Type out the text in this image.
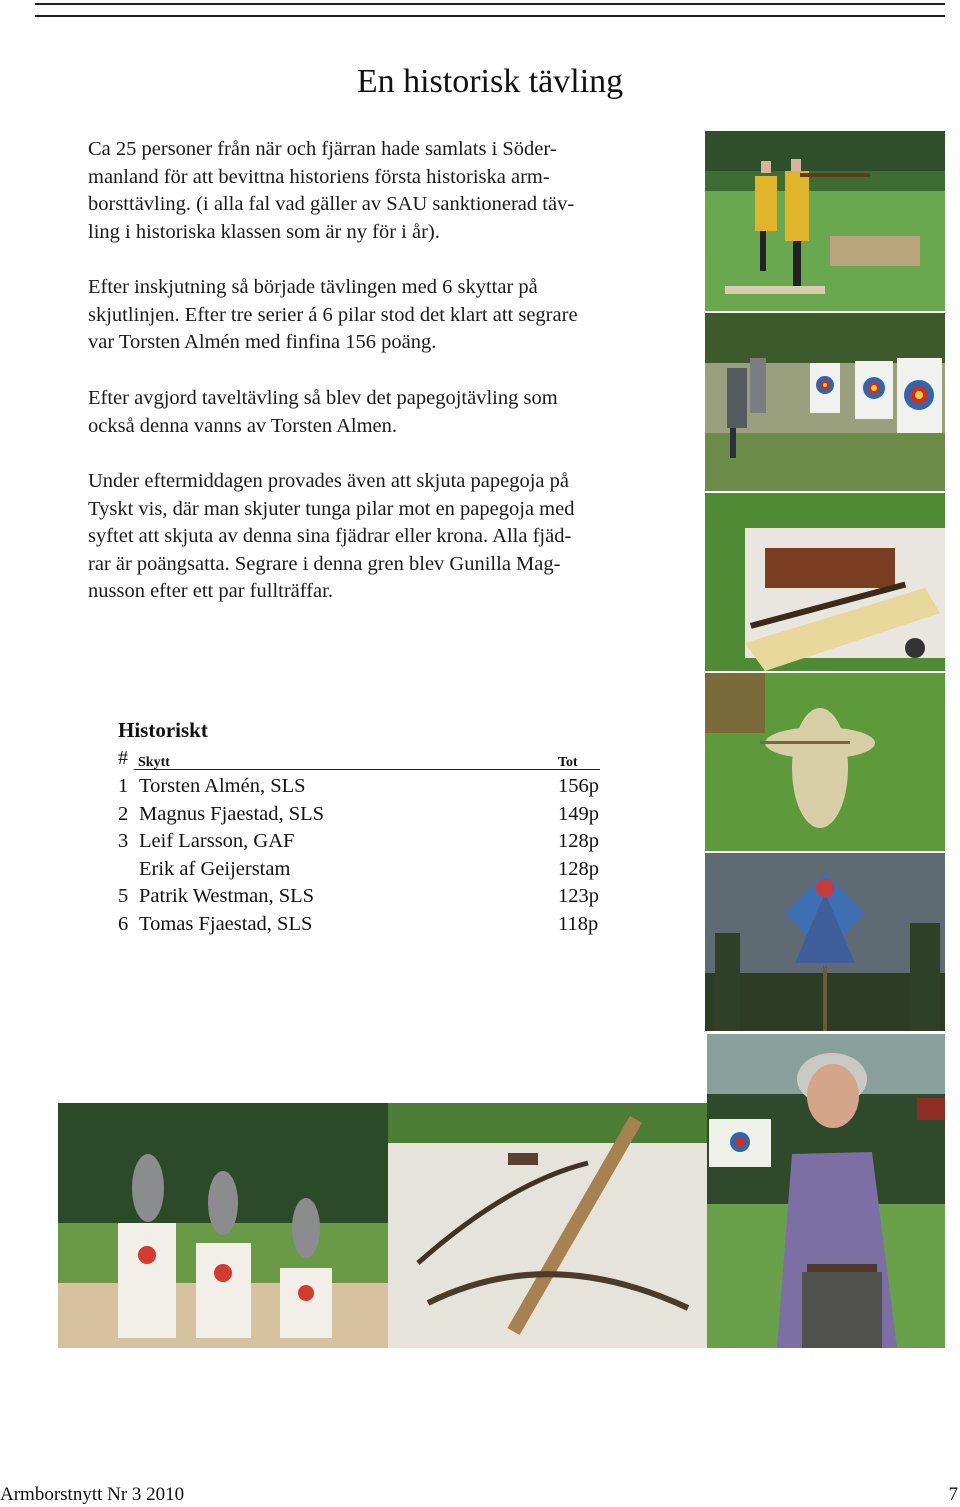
En historisk tävling
Ca 25 personer från när och fjärran hade samlats i Söder-
manland för att bevittna historiens första historiska arm-
borsttävling. (i alla fal vad gäller av SAU sanktionerad täv-
ling i historiska klassen som är ny för i år).
Efter inskjutning så började tävlingen med 6 skyttar på
skjutlinjen. Efter tre serier á 6 pilar stod det klart att segrare
var Torsten Almén med finfina 156 poäng.
Efter avgjord taveltävling så blev det papegojtävling som
också denna vanns av Torsten Almen.
Under eftermiddagen provades även att skjuta papegoja på
Tyskt vis, där man skjuter tunga pilar mot en papegoja med
syftet att skjuta av denna sina fjädrar eller krona. Alla fjäd-
rar är poängsatta. Segrare i denna gren blev Gunilla Mag-
nusson efter ett par fullträffar.
Historiskt
# Skytt	Tot
1 Torsten Almén, SLS	156p
2 Magnus Fjaestad, SLS	149p
3 Leif Larsson, GAF	128p
Erik af Geijerstam	128p
5 Patrik Westman, SLS	123p
6 Tomas Fjaestad, SLS	118p
Armborstnytt Nr 3 2010	7
